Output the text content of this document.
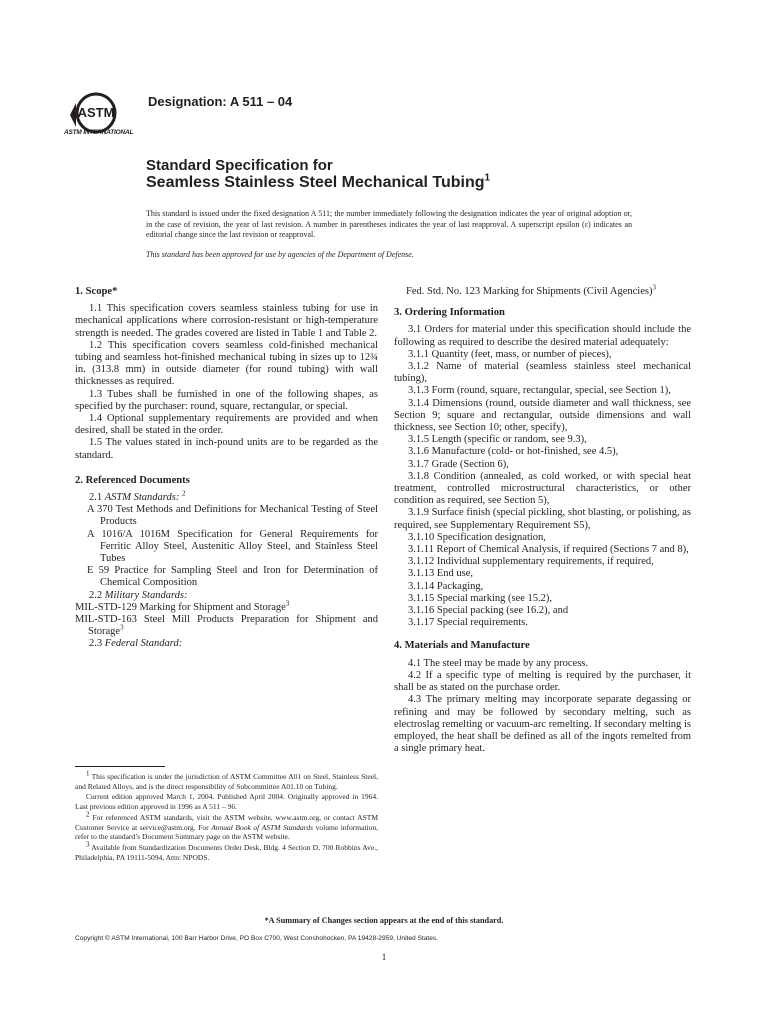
ASTM
ASTM INTERNATIONAL
Designation: A 511 – 04
Standard Specification for
Seamless Stainless Steel Mechanical Tubing$^1$
This standard is issued under the fixed designation A 511; the number immediately following the designation indicates the year of original adoption or, in the case of revision, the year of last revision. A number in parentheses indicates the year of last reapproval. A superscript epsilon (ε) indicates an editorial change since the last revision or reapproval.
This standard has been approved for use by agencies of the Department of Defense.

1. Scope*

1.1 This specification covers seamless stainless tubing for use in mechanical applications where corrosion-resistant or high-temperature strength is needed. The grades covered are listed in Table 1 and Table 2.

1.2 This specification covers seamless cold-finished mechanical tubing and seamless hot-finished mechanical tubing in sizes up to 12¾ in. (313.8 mm) in outside diameter (for round tubing) with wall thicknesses as required.

1.3 Tubes shall be furnished in one of the following shapes, as specified by the purchaser: round, square, rectangular, or special.

1.4 Optional supplementary requirements are provided and when desired, shall be stated in the order.

1.5 The values stated in inch-pound units are to be regarded as the standard.

2. Referenced Documents

2.1 ASTM Standards: $^2$

A 370 Test Methods and Definitions for Mechanical Testing of Steel Products

A 1016/A 1016M Specification for General Requirements for Ferritic Alloy Steel, Austenitic Alloy Steel, and Stainless Steel Tubes

E 59 Practice for Sampling Steel and Iron for Determination of Chemical Composition

2.2 Military Standards:

MIL-STD-129 Marking for Shipment and Storage$^3$

MIL-STD-163 Steel Mill Products Preparation for Shipment and Storage$^3$

2.3 Federal Standard:

Fed. Std. No. 123 Marking for Shipments (Civil Agencies)$^3$

3. Ordering Information

3.1 Orders for material under this specification should include the following as required to describe the desired material adequately:

3.1.1 Quantity (feet, mass, or number of pieces),

3.1.2 Name of material (seamless stainless steel mechanical tubing),

3.1.3 Form (round, square, rectangular, special, see Section 1),

3.1.4 Dimensions (round, outside diameter and wall thickness, see Section 9; square and rectangular, outside dimensions and wall thickness, see Section 10; other, specify),

3.1.5 Length (specific or random, see 9.3),

3.1.6 Manufacture (cold- or hot-finished, see 4.5),

3.1.7 Grade (Section 6),

3.1.8 Condition (annealed, as cold worked, or with special heat treatment, controlled microstructural characteristics, or other condition as required, see Section 5),

3.1.9 Surface finish (special pickling, shot blasting, or polishing, as required, see Supplementary Requirement S5),

3.1.10 Specification designation,

3.1.11 Report of Chemical Analysis, if required (Sections 7 and 8),

3.1.12 Individual supplementary requirements, if required,

3.1.13 End use,

3.1.14 Packaging,

3.1.15 Special marking (see 15.2),

3.1.16 Special packing (see 16.2), and

3.1.17 Special requirements.

4. Materials and Manufacture

4.1 The steel may be made by any process.

4.2 If a specific type of melting is required by the purchaser, it shall be as stated on the purchase order.

4.3 The primary melting may incorporate separate degassing or refining and may be followed by secondary melting, such as electroslag remelting or vacuum-arc remelting. If secondary melting is employed, the heat shall be defined as all of the ingots remelted from a single primary heat.

$^1$ This specification is under the jurisdiction of ASTM Committee A01 on Steel, Stainless Steel, and Related Alloys, and is the direct responsibility of Subcommittee A01.10 on Tubing.

Current edition approved March 1, 2004. Published April 2004. Originally approved in 1964. Last previous edition approved in 1996 as A 511 – 96.

$^2$ For referenced ASTM standards, visit the ASTM website, www.astm.org, or contact ASTM Customer Service at service@astm.org. For Annual Book of ASTM Standards volume information, refer to the standard’s Document Summary page on the ASTM website.

$^3$ Available from Standardization Documents Order Desk, Bldg. 4 Section D, 700 Robbins Ave., Philadelphia, PA 19111-5094, Attn: NPODS.

*A Summary of Changes section appears at the end of this standard.
Copyright © ASTM International, 100 Barr Harbor Drive, PO Box C700, West Conshohocken, PA 19428-2959, United States.
1
